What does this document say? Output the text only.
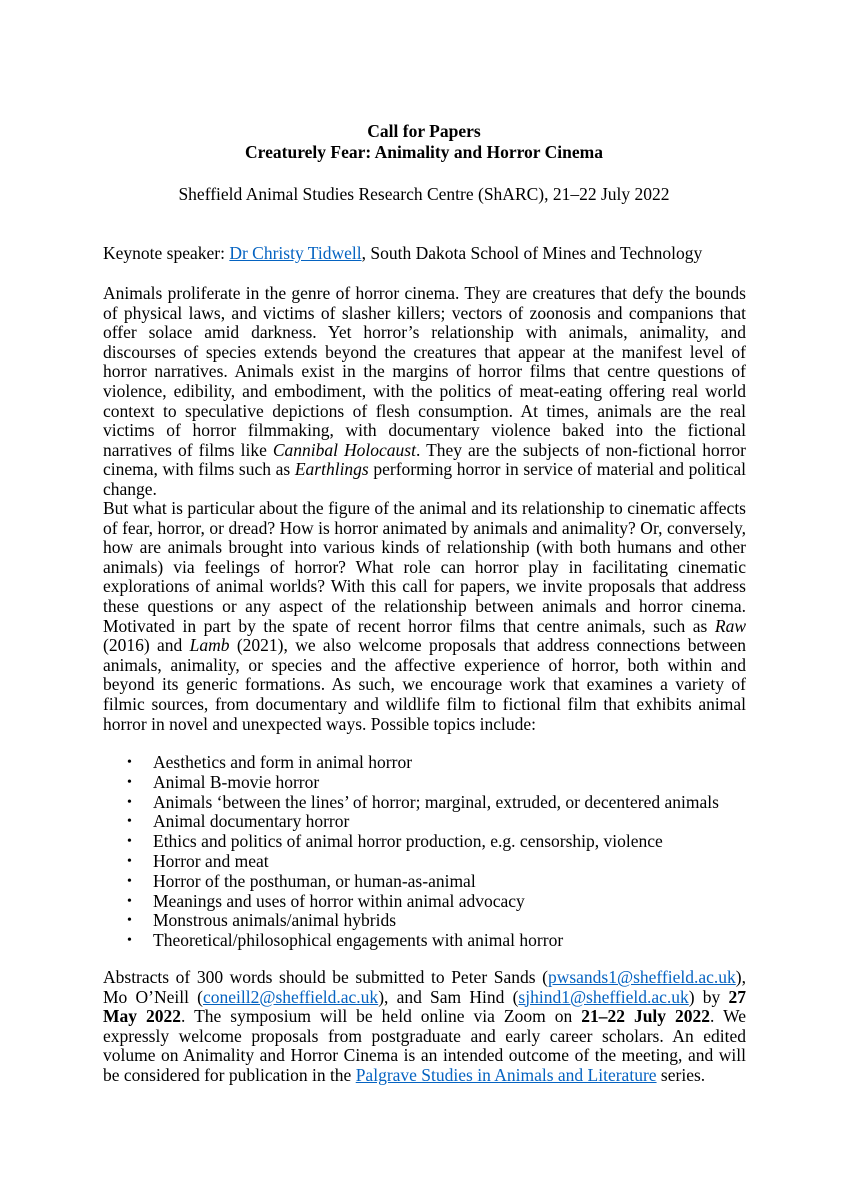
Call for Papers
Creaturely Fear: Animality and Horror Cinema
Sheffield Animal Studies Research Centre (ShARC), 21–22 July 2022
Keynote speaker: Dr Christy Tidwell, South Dakota School of Mines and Technology
Animals proliferate in the genre of horror cinema. They are creatures that defy the bounds of physical laws, and victims of slasher killers; vectors of zoonosis and companions that offer solace amid darkness. Yet horror’s relationship with animals, animality, and discourses of species extends beyond the creatures that appear at the manifest level of horror narratives. Animals exist in the margins of horror films that centre questions of violence, edibility, and embodiment, with the politics of meat-eating offering real world context to speculative depictions of flesh consumption. At times, animals are the real victims of horror filmmaking, with documentary violence baked into the fictional narratives of films like Cannibal Holocaust. They are the subjects of non-fictional horror cinema, with films such as Earthlings performing horror in service of material and political change.
But what is particular about the figure of the animal and its relationship to cinematic affects of fear, horror, or dread? How is horror animated by animals and animality? Or, conversely, how are animals brought into various kinds of relationship (with both humans and other animals) via feelings of horror? What role can horror play in facilitating cinematic explorations of animal worlds? With this call for papers, we invite proposals that address these questions or any aspect of the relationship between animals and horror cinema. Motivated in part by the spate of recent horror films that centre animals, such as Raw (2016) and Lamb (2021), we also welcome proposals that address connections between animals, animality, or species and the affective experience of horror, both within and beyond its generic formations. As such, we encourage work that examines a variety of filmic sources, from documentary and wildlife film to fictional film that exhibits animal horror in novel and unexpected ways. Possible topics include:
• Aesthetics and form in animal horror
• Animal B-movie horror
• Animals ‘between the lines’ of horror; marginal, extruded, or decentered animals
• Animal documentary horror
• Ethics and politics of animal horror production, e.g. censorship, violence
• Horror and meat
• Horror of the posthuman, or human-as-animal
• Meanings and uses of horror within animal advocacy
• Monstrous animals/animal hybrids
• Theoretical/philosophical engagements with animal horror
Abstracts of 300 words should be submitted to Peter Sands (pwsands1@sheffield.ac.uk), Mo O’Neill (coneill2@sheffield.ac.uk), and Sam Hind (sjhind1@sheffield.ac.uk) by 27 May 2022. The symposium will be held online via Zoom on 21–22 July 2022. We expressly welcome proposals from postgraduate and early career scholars. An edited volume on Animality and Horror Cinema is an intended outcome of the meeting, and will be considered for publication in the Palgrave Studies in Animals and Literature series.
